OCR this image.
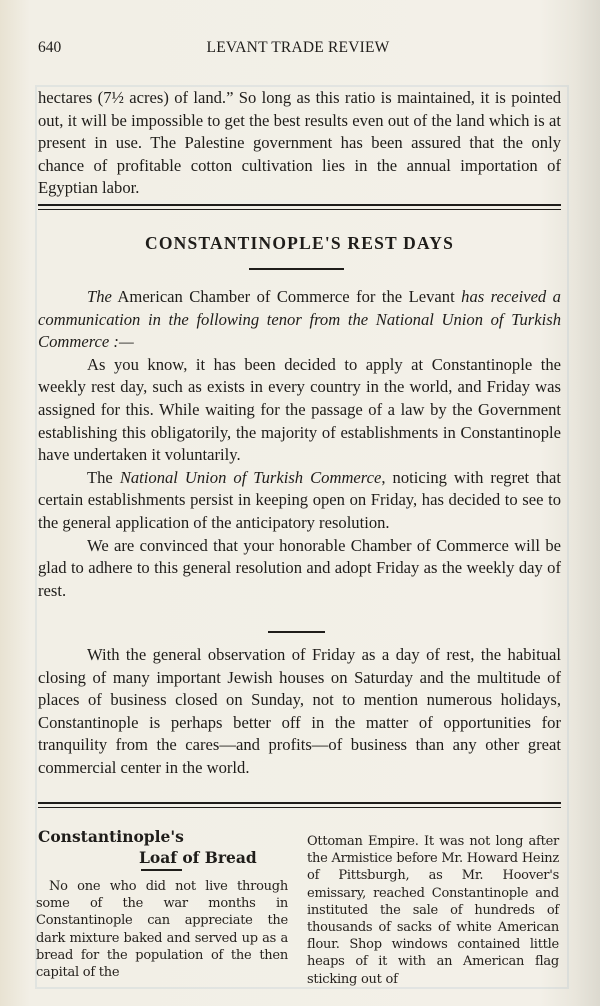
640	LEVANT TRADE REVIEW

hectares (7½ acres) of land.” So long as this ratio is maintained, it is pointed out, it will be impossible to get the best results even out of the land which is at present in use. The Palestine government has been assured that the only chance of profitable cotton cultivation lies in the annual importation of Egyptian labor.

CONSTANTINOPLE'S REST DAYS

The American Chamber of Commerce for the Levant has received a communication in the following tenor from the National Union of Turkish Commerce :—

As you know, it has been decided to apply at Constantinople the weekly rest day, such as exists in every country in the world, and Friday was assigned for this. While waiting for the passage of a law by the Government establishing this obligatorily, the majority of establishments in Constantinople have undertaken it voluntarily.

The National Union of Turkish Commerce, noticing with regret that certain establishments persist in keeping open on Friday, has decided to see to the general application of the anticipatory resolution.

We are convinced that your honorable Chamber of Commerce will be glad to adhere to this general resolution and adopt Friday as the weekly day of rest.

With the general observation of Friday as a day of rest, the habitual closing of many important Jewish houses on Saturday and the multitude of places of business closed on Sunday, not to mention numerous holidays, Constantinople is perhaps better off in the matter of opportunities for tranquility from the cares—and profits—of business than any other great commercial center in the world.

Constantinople's
Loaf of Bread

No one who did not live through some of the war months in Constantinople can appreciate the dark mixture baked and served up as a bread for the population of the then capital of the

Ottoman Empire. It was not long after the Armistice before Mr. Howard Heinz of Pittsburgh, as Mr. Hoover's emissary, reached Constantinople and instituted the sale of hundreds of thousands of sacks of white American flour. Shop windows contained little heaps of it with an American flag sticking out of
